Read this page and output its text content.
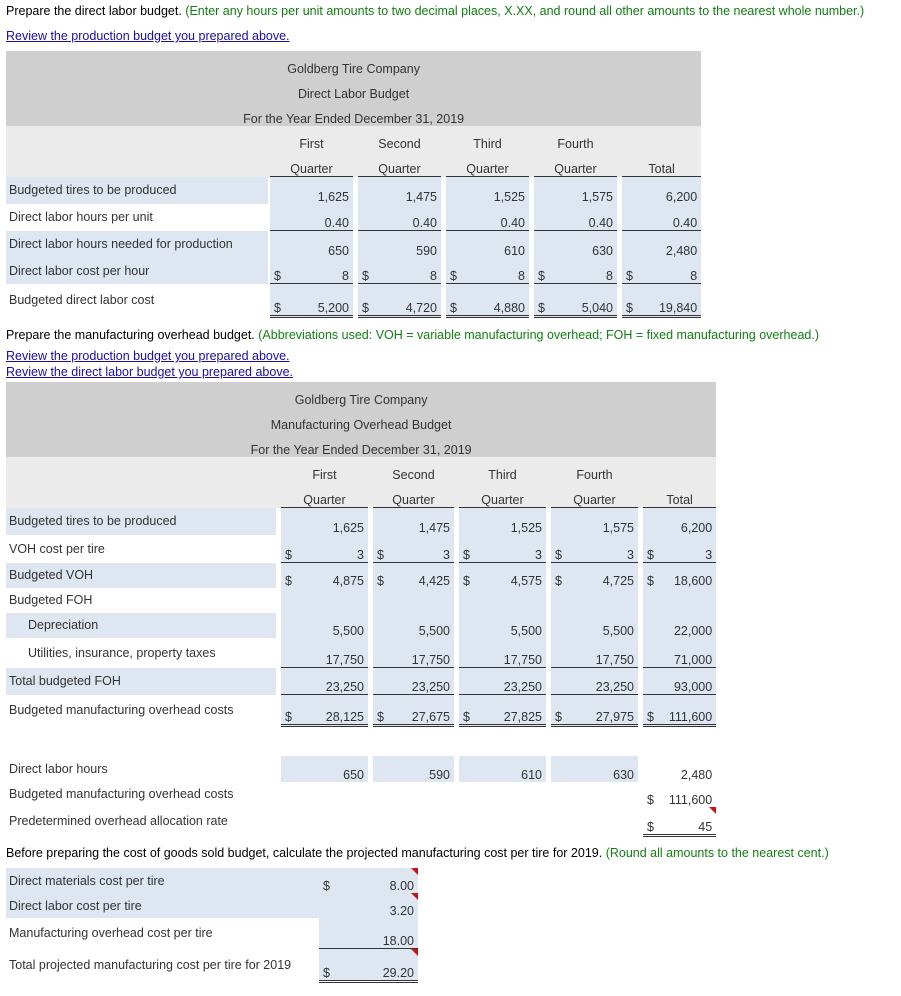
Prepare the direct labor budget. (Enter any hours per unit amounts to two decimal places, X.XX, and round all other amounts to the nearest whole number.)

Review the production budget you prepared above.
Goldberg Tire Company															
Direct Labor Budget															
For the Year Ended December 31, 2019															
		First			Second			Third			Fourth				
		Quarter			Quarter			Quarter			Quarter			Total	
Budgeted tires to be produced			1,625			1,475			1,525			1,575			6,200
Direct labor hours per unit			0.40			0.40			0.40			0.40			0.40
Direct labor hours needed for production			650			590			610			630			2,480
Direct labor cost per hour		$	8		$	8		$	8		$	8		$	8
Budgeted direct labor cost		$	5,200		$	4,720		$	4,880		$	5,040		$	19,840

Prepare the manufacturing overhead budget. (Abbreviations used: VOH = variable manufacturing overhead; FOH = fixed manufacturing overhead.)

Review the production budget you prepared above.
Review the direct labor budget you prepared above.
Goldberg Tire Company															
Manufacturing Overhead Budget															
For the Year Ended December 31, 2019															
		First			Second			Third			Fourth				
		Quarter			Quarter			Quarter			Quarter			Total	
Budgeted tires to be produced			1,625			1,475			1,525			1,575			6,200
VOH cost per tire		$	3		$	3		$	3		$	3		$	3
Budgeted VOH		$	4,875		$	4,425		$	4,575		$	4,725		$	18,600
Budgeted FOH															
Depreciation			5,500			5,500			5,500			5,500			22,000
Utilities, insurance, property taxes			17,750			17,750			17,750			17,750			71,000
Total budgeted FOH			23,250			23,250			23,250			23,250			93,000
Budgeted manufacturing overhead costs		$	28,125		$	27,675		$	27,825		$	27,975		$	111,600

Direct labor hours			650			590			610			630			2,480
Budgeted manufacturing overhead costs														$	111,600
Predetermined overhead allocation rate														$	45

Before preparing the cost of goods sold budget, calculate the projected manufacturing cost per tire for 2019. (Round all amounts to the nearest cent.)

Direct materials cost per tire	$	8.00
Direct labor cost per tire		3.20
Manufacturing overhead cost per tire		18.00
Total projected manufacturing cost per tire for 2019	$	29.20
